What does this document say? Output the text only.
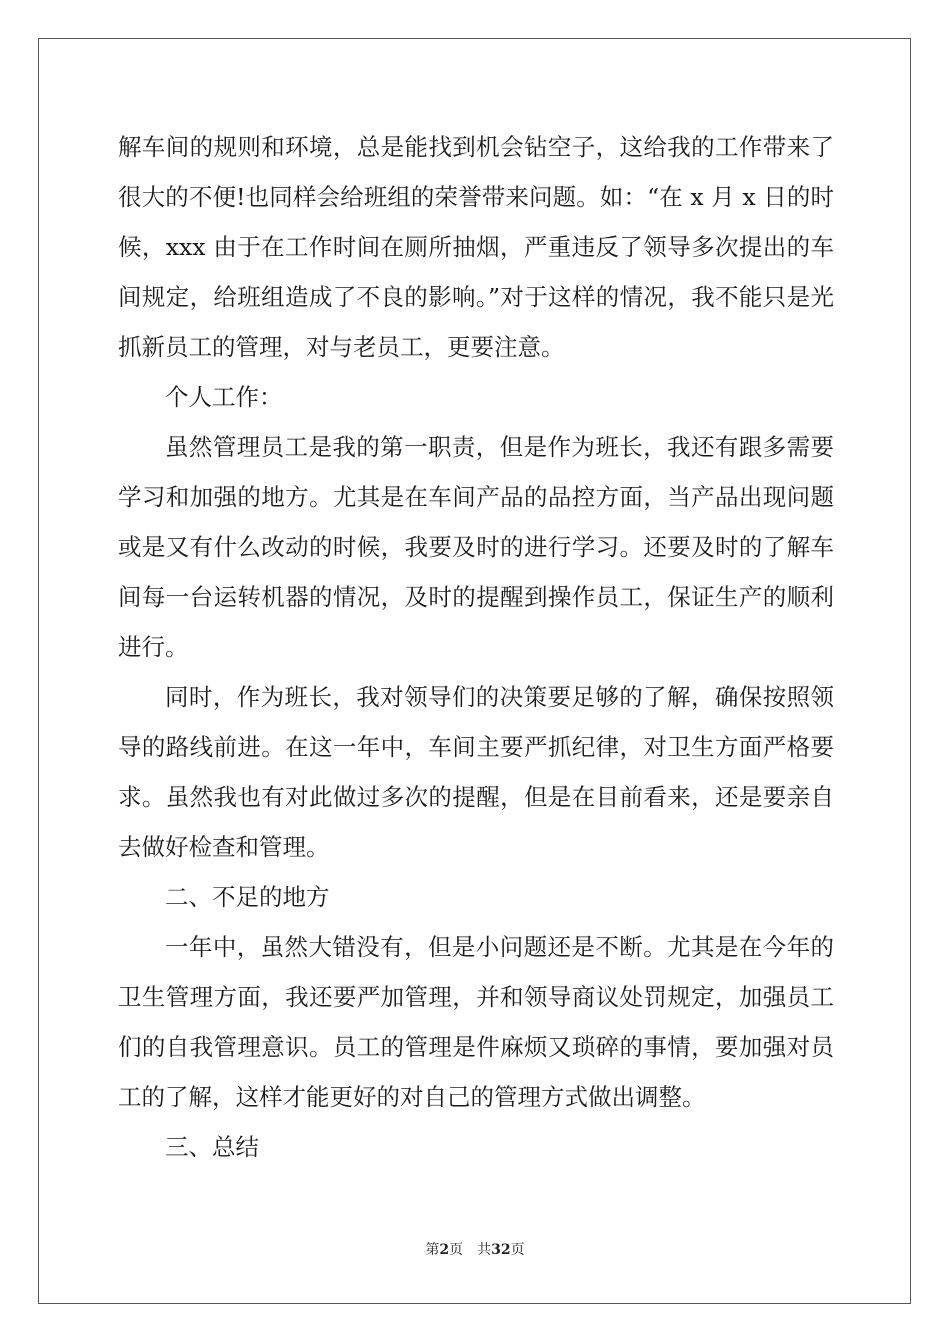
解车间的规则和环境，总是能找到机会钻空子，这给我的工作带来了很大的不便!也同样会给班组的荣誉带来问题。如：“在 x 月 x 日的时候，xxx 由于在工作时间在厕所抽烟，严重违反了领导多次提出的车间规定，给班组造成了不良的影响。”对于这样的情况，我不能只是光抓新员工的管理，对与老员工，更要注意。

个人工作：

虽然管理员工是我的第一职责，但是作为班长，我还有跟多需要学习和加强的地方。尤其是在车间产品的品控方面，当产品出现问题或是又有什么改动的时候，我要及时的进行学习。还要及时的了解车间每一台运转机器的情况，及时的提醒到操作员工，保证生产的顺利进行。

同时，作为班长，我对领导们的决策要足够的了解，确保按照领导的路线前进。在这一年中，车间主要严抓纪律，对卫生方面严格要求。虽然我也有对此做过多次的提醒，但是在目前看来，还是要亲自去做好检查和管理。

二、不足的地方

一年中，虽然大错没有，但是小问题还是不断。尤其是在今年的卫生管理方面，我还要严加管理，并和领导商议处罚规定，加强员工们的自我管理意识。员工的管理是件麻烦又琐碎的事情，要加强对员工的了解，这样才能更好的对自己的管理方式做出调整。

三、总结

第2页 共32页
